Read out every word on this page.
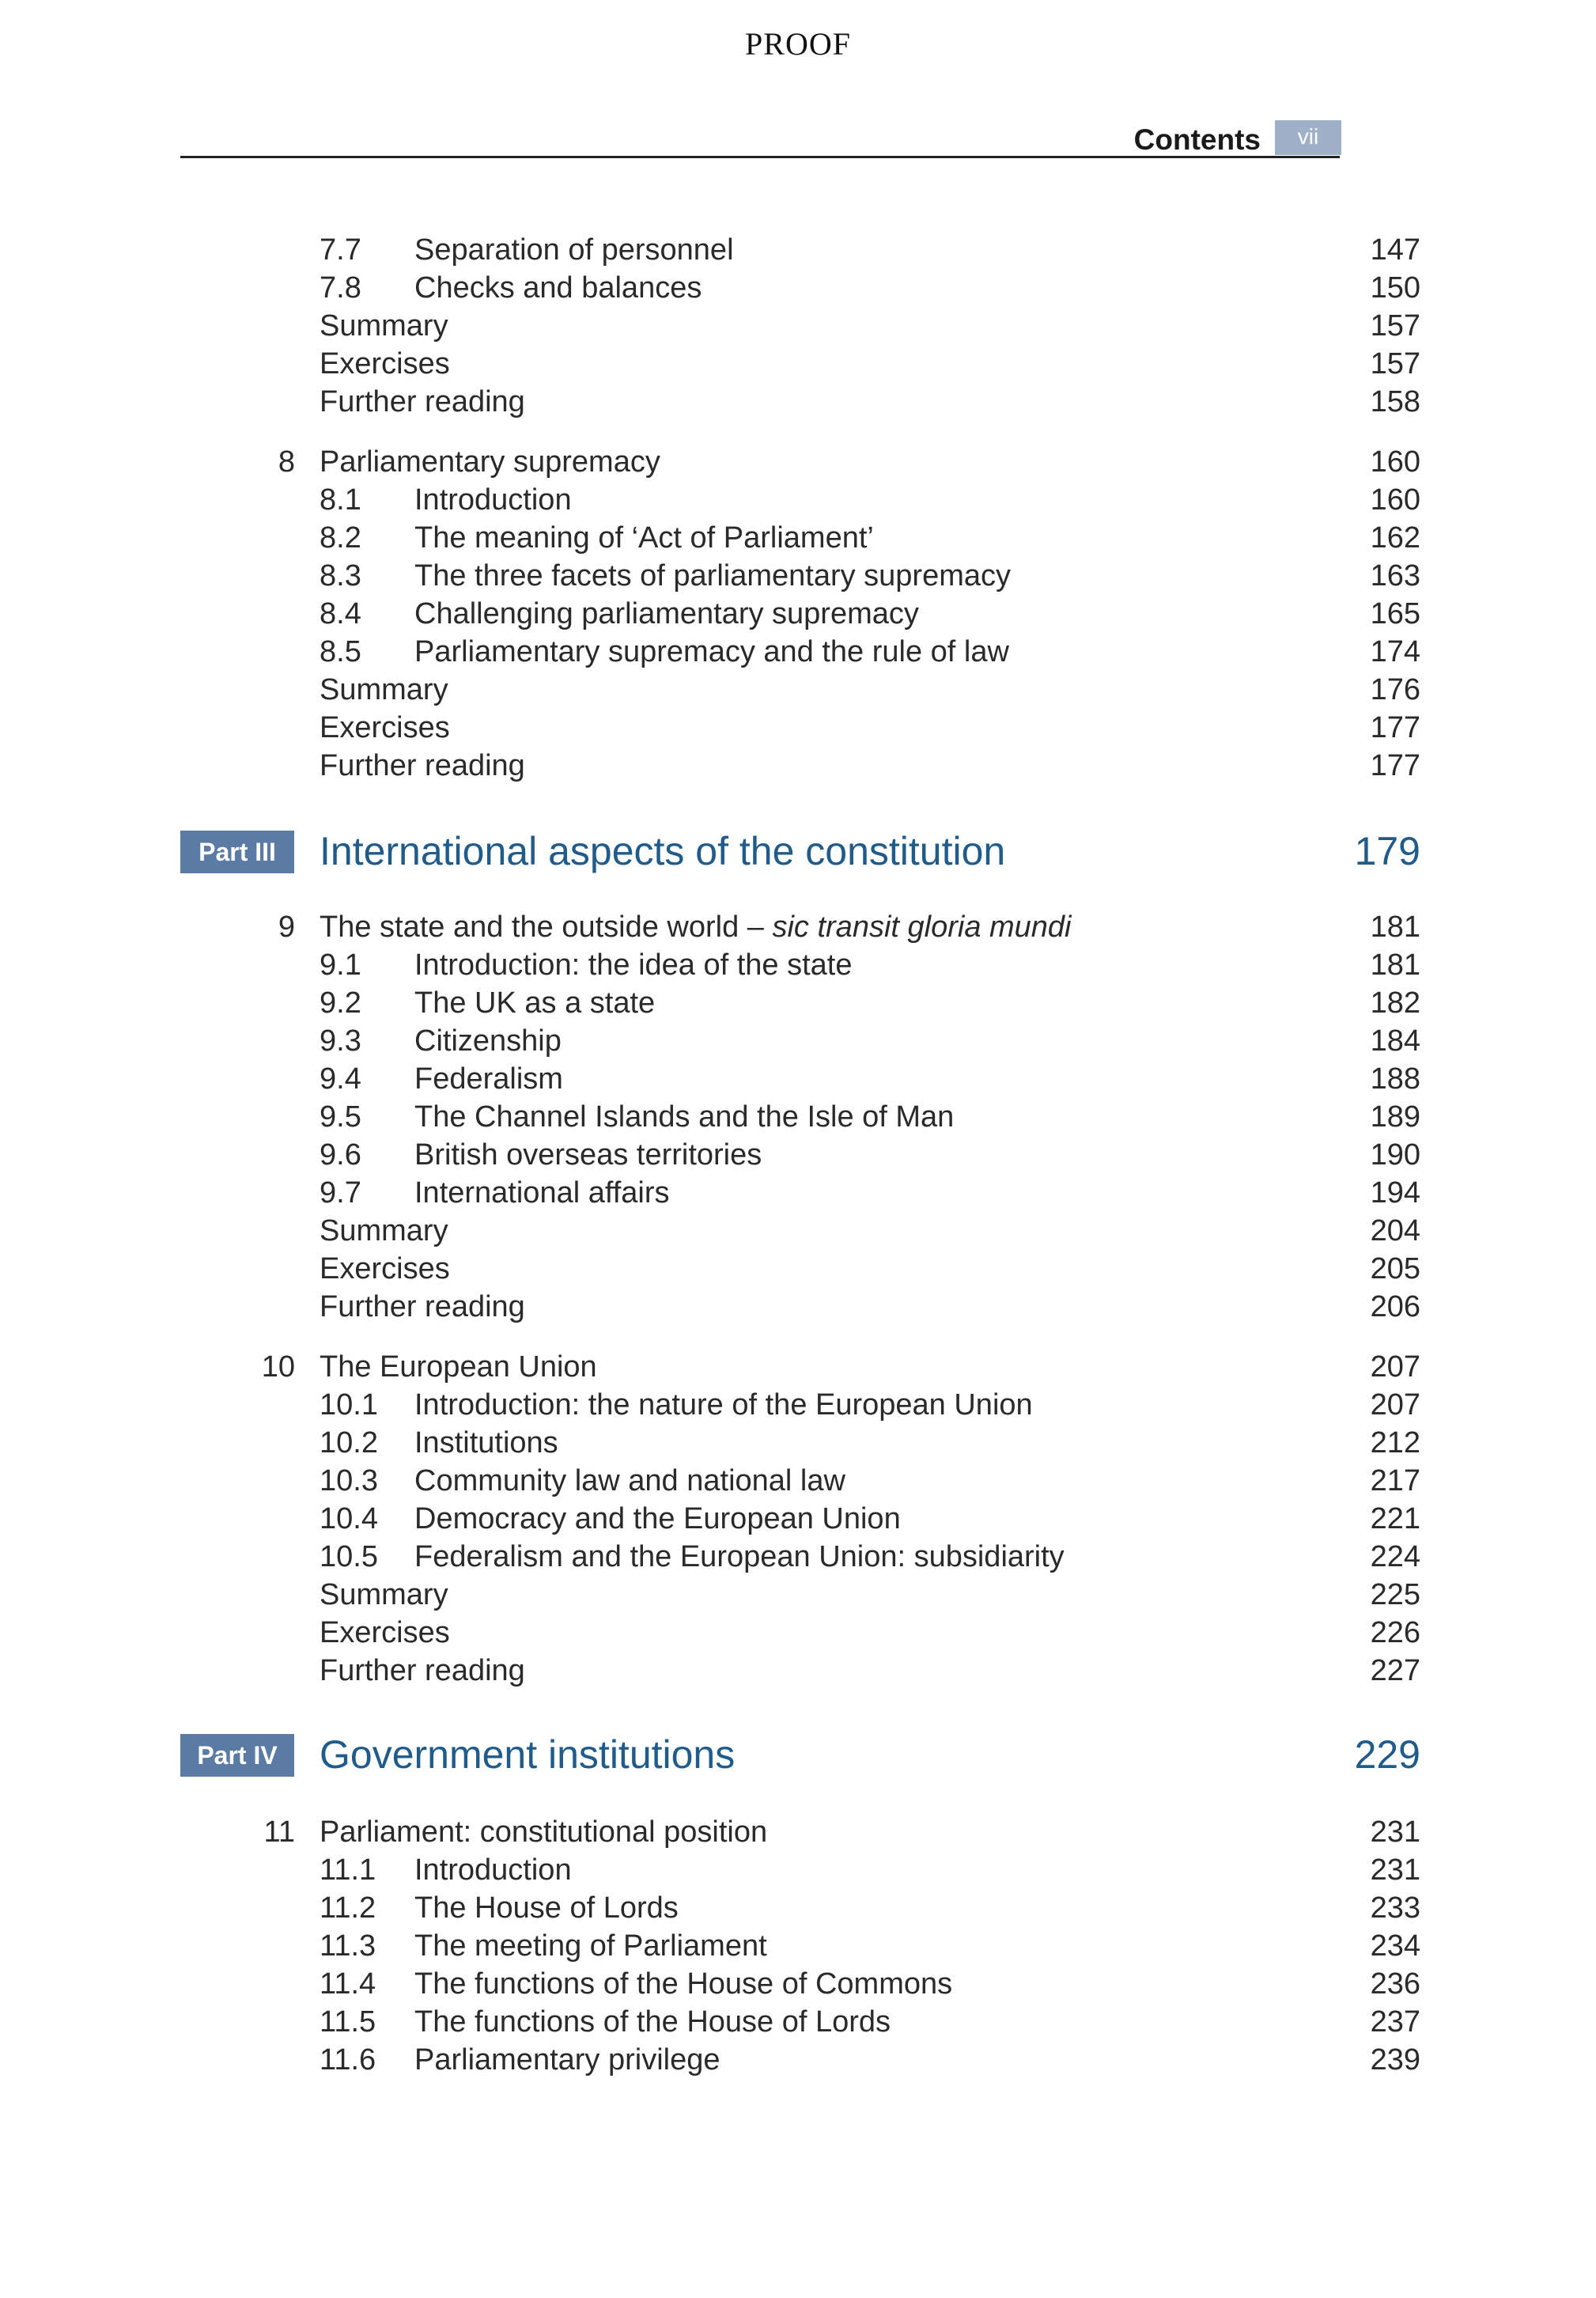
PROOF
Contents	vii
7.7	Separation of personnel	147
7.8	Checks and balances	150
Summary	157
Exercises	157
Further reading	158
8 Parliamentary supremacy	160
8.1	Introduction	160
8.2	The meaning of ‘Act of Parliament’	162
8.3	The three facets of parliamentary supremacy	163
8.4	Challenging parliamentary supremacy	165
8.5	Parliamentary supremacy and the rule of law	174
Summary	176
Exercises	177
Further reading	177
Part III	International aspects of the constitution	179
9 The state and the outside world – sic transit gloria mundi	181
9.1	Introduction: the idea of the state	181
9.2	The UK as a state	182
9.3	Citizenship	184
9.4	Federalism	188
9.5	The Channel Islands and the Isle of Man	189
9.6	British overseas territories	190
9.7	International affairs	194
Summary	204
Exercises	205
Further reading	206
10 The European Union	207
10.1	Introduction: the nature of the European Union	207
10.2	Institutions	212
10.3	Community law and national law	217
10.4	Democracy and the European Union	221
10.5	Federalism and the European Union: subsidiarity	224
Summary	225
Exercises	226
Further reading	227
Part IV	Government institutions	229
11 Parliament: constitutional position	231
11.1	Introduction	231
11.2	The House of Lords	233
11.3	The meeting of Parliament	234
11.4	The functions of the House of Commons	236
11.5	The functions of the House of Lords	237
11.6	Parliamentary privilege	239
